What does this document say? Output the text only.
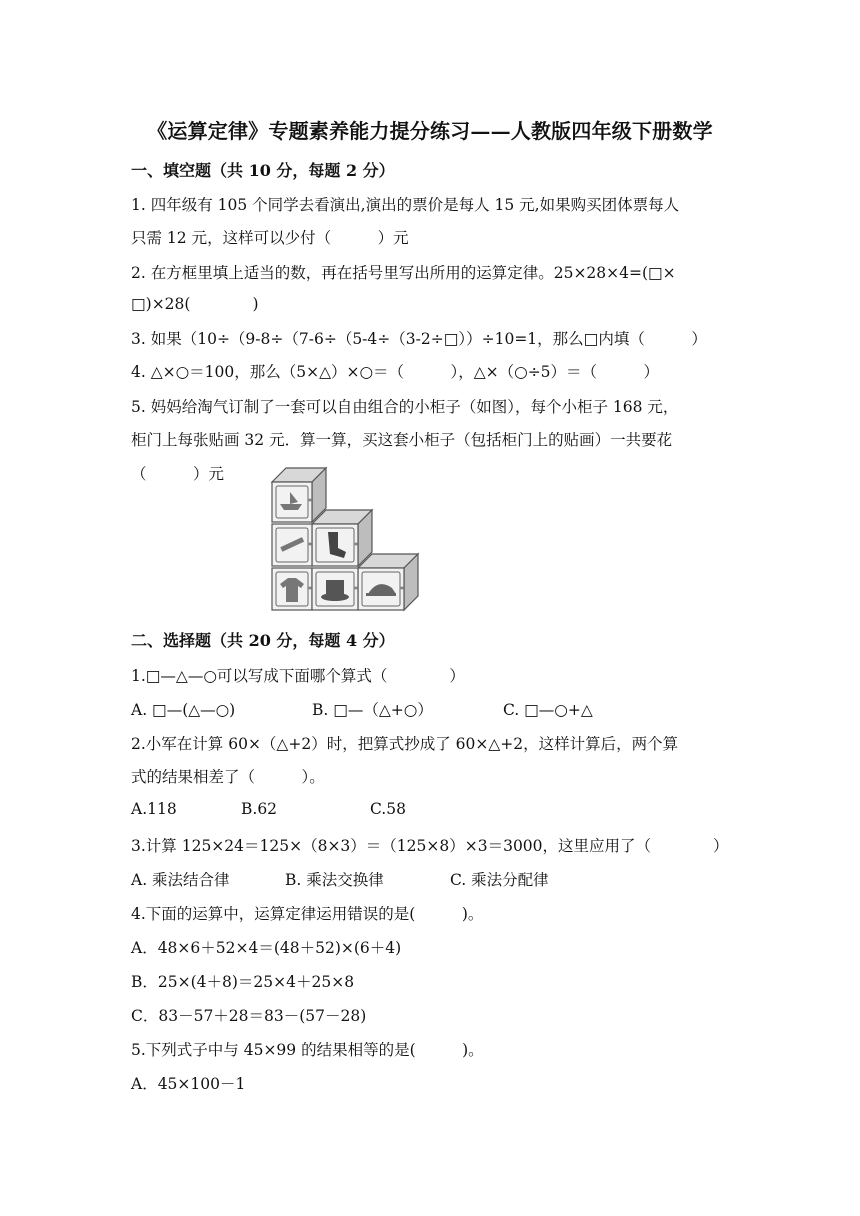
《运算定律》专题素养能力提分练习——人教版四年级下册数学
一、填空题（共 10 分，每题 2 分）
1. 四年级有 105 个同学去看演出,演出的票价是每人 15 元,如果购买团体票每人
只需 12 元，这样可以少付（　　　）元
2. 在方框里填上适当的数，再在括号里写出所用的运算定律。25×28×4=(□×
□)×28(　　　　)
3. 如果（10÷（9-8÷（7-6÷（5-4÷（3-2÷□））÷10=1，那么□内填（　　　）
4. △×○＝100，那么（5×△）×○＝（　　　），△×（○÷5）＝（　　　）
5. 妈妈给淘气订制了一套可以自由组合的小柜子（如图），每个小柜子 168 元，
柜门上每张贴画 32 元．算一算，买这套小柜子（包括柜门上的贴画）一共要花
（　　　）元
二、选择题（共 20 分，每题 4 分）
1.□—△—○可以写成下面哪个算式（　　　　）
A. □—(△—○)	B. □—（△+○）	C. □—○+△
2.小军在计算 60×（△+2）时，把算式抄成了 60×△+2，这样计算后，两个算
式的结果相差了（　　　）。
A.118	B.62	C.58
3.计算 125×24＝125×（8×3）＝（125×8）×3＝3000，这里应用了（　　　　）
A. 乘法结合律	B. 乘法交换律	C. 乘法分配律
4.下面的运算中，运算定律运用错误的是(　　　)。
A．48×6＋52×4＝(48＋52)×(6＋4)
B．25×(4＋8)＝25×4＋25×8
C．83－57＋28＝83－(57－28)
5.下列式子中与 45×99 的结果相等的是(　　　)。
A．45×100－1
